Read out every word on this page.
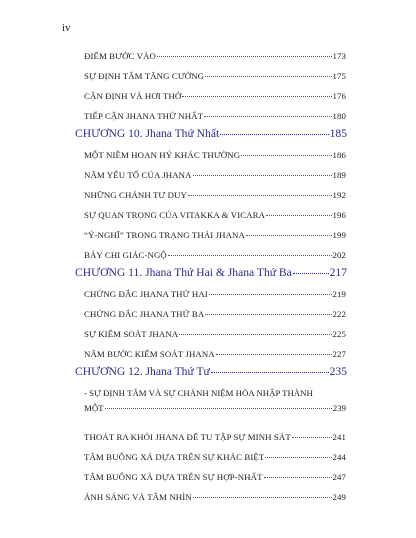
iv
ĐIỂM BƯỚC VÀO	173
SỰ ĐỊNH TÂM TĂNG CƯỜNG	175
CẬN ĐỊNH VÀ HƠI THỞ	176
TIẾP CẬN JHANA THỨ NHẤT	180
CHƯƠNG 10. Jhana Thứ Nhất	185
MỘT NIỀM HOAN HỶ KHÁC THƯỜNG	186
NĂM YẾU TỐ CỦA JHANA	189
NHỮNG CHÁNH TƯ DUY	192
SỰ QUAN TRỌNG CỦA VITAKKA & VICARA	196
“Ý-NGHĨ” TRONG TRẠNG THÁI JHANA	199
BẢY CHI GIÁC-NGỘ	202
CHƯƠNG 11. Jhana Thứ Hai & Jhana Thứ Ba	217
CHỨNG ĐẮC JHANA THỨ HAI	219
CHỨNG ĐẮC JHANA THỨ BA	222
SỰ KIỂM SOÁT JHANA	225
NĂM BƯỚC KIỂM SOÁT JHANA	227
CHƯƠNG 12. Jhana Thứ Tư	235
- SỰ ĐỊNH TÂM VÀ SỰ CHÁNH NIỆM HÒA NHẬP THÀNH
MỘT	239
THOÁT RA KHỎI JHANA ĐỂ TU TẬP SỰ MINH SÁT	241
TÂM BUÔNG XẢ DỰA TRÊN SỰ KHÁC BIỆT	244
TÂM BUÔNG XẢ DỰA TRÊN SỰ HỢP-NHẤT	247
ÁNH SÁNG VÀ TÂM NHÌN	249
